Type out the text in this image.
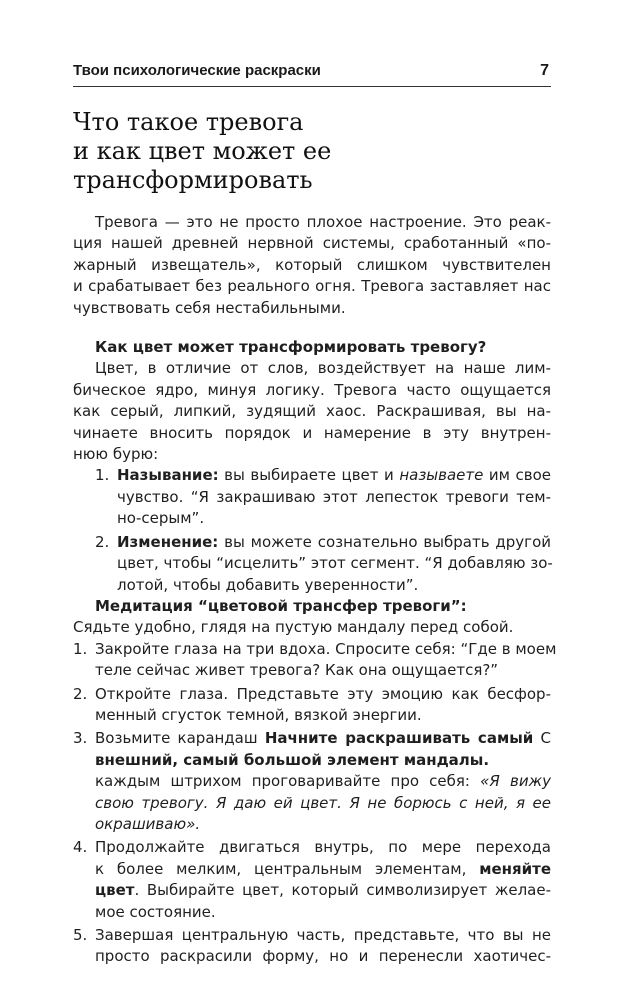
Твои психологические раскраски	7
Что такое тревога
и как цвет может ее
трансформировать
Тревога — это не просто плохое настроение. Это реак-
ция нашей древней нервной системы, сработанный «по-
жарный извещатель», который слишком чувствителен
и срабатывает без реального огня. Тревога заставляет нас
чувствовать себя нестабильными.
Как цвет может трансформировать тревогу?
Цвет, в отличие от слов, воздействует на наше лим-
бическое ядро, минуя логику. Тревога часто ощущается
как серый, липкий, зудящий хаос. Раскрашивая, вы на-
чинаете вносить порядок и намерение в эту внутрен-
нюю бурю:
1. Называние: вы выбираете цвет и называете им свое
чувство. “Я закрашиваю этот лепесток тревоги тем-
но-серым”.
2. Изменение: вы можете сознательно выбрать другой
цвет, чтобы “исцелить” этот сегмент. “Я добавляю зо-
лотой, чтобы добавить уверенности”.
Медитация “цветовой трансфер тревоги”:
Сядьте удобно, глядя на пустую мандалу перед собой.
1. Закройте глаза на три вдоха. Спросите себя: “Где в моем
теле сейчас живет тревога? Как она ощущается?”
2. Откройте глаза. Представьте эту эмоцию как бесфор-
менный сгусток темной, вязкой энергии.
3. Возьмите карандаш Начните раскрашивать самый С
внешний, самый большой элемент мандалы.
каждым штрихом проговаривайте про себя: «Я вижу
свою тревогу. Я даю ей цвет. Я не борюсь с ней, я ее
окрашиваю».
4. Продолжайте двигаться внутрь, по мере перехода
к более мелким, центральным элементам, меняйте
цвет. Выбирайте цвет, который символизирует желае-
мое состояние.
5. Завершая центральную часть, представьте, что вы не
просто раскрасили форму, но и перенесли хаотичес-
